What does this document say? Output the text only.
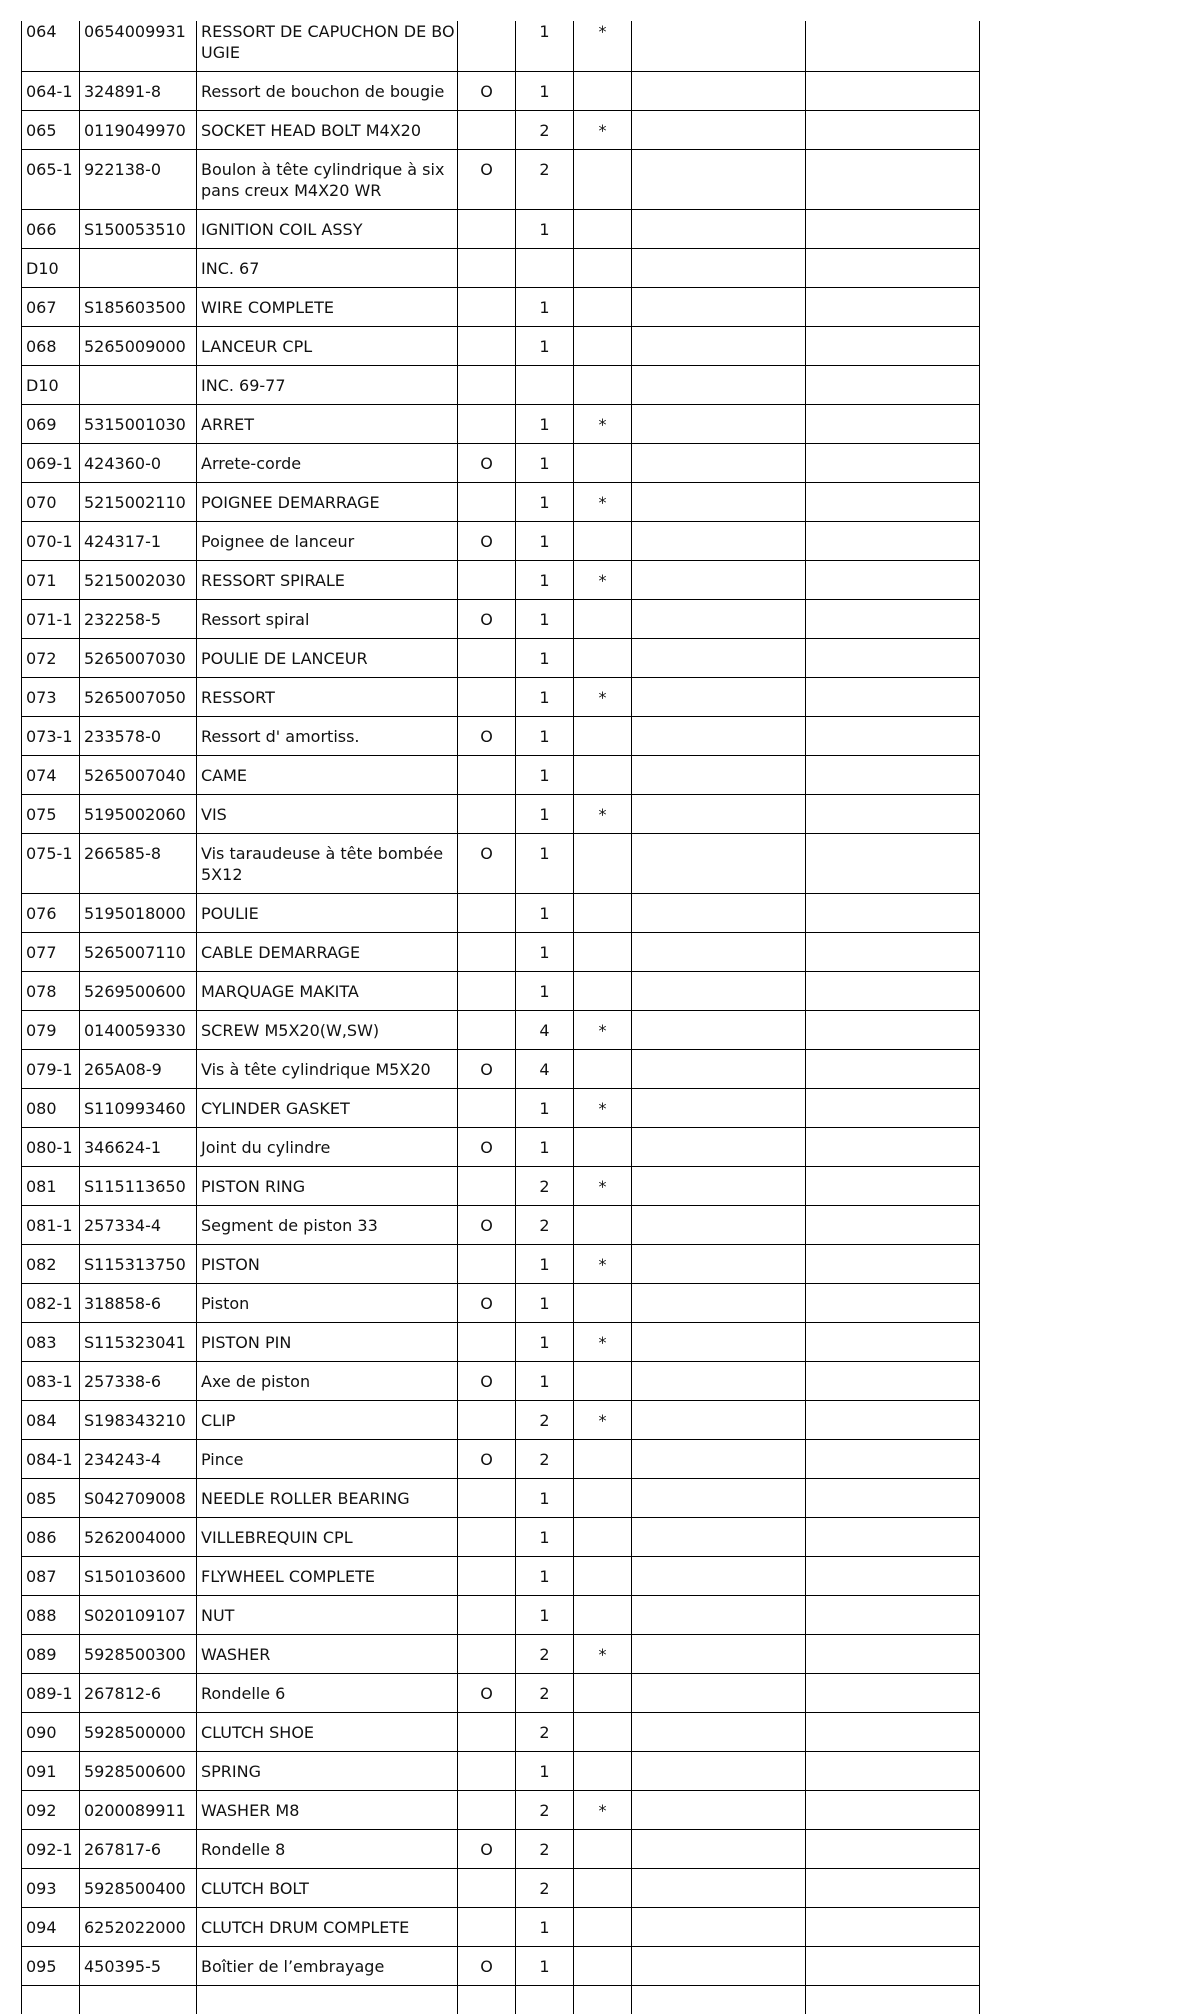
064	0654009931	RESSORT DE CAPUCHON DE BOUGIE		1	*		
064-1	324891-8	Ressort de bouchon de bougie	O	1			
065	0119049970	SOCKET HEAD BOLT M4X20		2	*		
065-1	922138-0	Boulon à tête cylindrique à six pans creux M4X20 WR	O	2			
066	S150053510	IGNITION COIL ASSY		1			
D10		INC. 67					
067	S185603500	WIRE COMPLETE		1			
068	5265009000	LANCEUR CPL		1			
D10		INC. 69-77					
069	5315001030	ARRET		1	*		
069-1	424360-0	Arrete-corde	O	1			
070	5215002110	POIGNEE DEMARRAGE		1	*		
070-1	424317-1	Poignee de lanceur	O	1			
071	5215002030	RESSORT SPIRALE		1	*		
071-1	232258-5	Ressort spiral	O	1			
072	5265007030	POULIE DE LANCEUR		1			
073	5265007050	RESSORT		1	*		
073-1	233578-0	Ressort d' amortiss.	O	1			
074	5265007040	CAME		1			
075	5195002060	VIS		1	*		
075-1	266585-8	Vis taraudeuse à tête bombée 5X12	O	1			
076	5195018000	POULIE		1			
077	5265007110	CABLE DEMARRAGE		1			
078	5269500600	MARQUAGE MAKITA		1			
079	0140059330	SCREW M5X20(W,SW)		4	*		
079-1	265A08-9	Vis à tête cylindrique M5X20	O	4			
080	S110993460	CYLINDER GASKET		1	*		
080-1	346624-1	Joint du cylindre	O	1			
081	S115113650	PISTON RING		2	*		
081-1	257334-4	Segment de piston 33	O	2			
082	S115313750	PISTON		1	*		
082-1	318858-6	Piston	O	1			
083	S115323041	PISTON PIN		1	*		
083-1	257338-6	Axe de piston	O	1			
084	S198343210	CLIP		2	*		
084-1	234243-4	Pince	O	2			
085	S042709008	NEEDLE ROLLER BEARING		1			
086	5262004000	VILLEBREQUIN CPL		1			
087	S150103600	FLYWHEEL COMPLETE		1			
088	S020109107	NUT		1			
089	5928500300	WASHER		2	*		
089-1	267812-6	Rondelle 6	O	2			
090	5928500000	CLUTCH SHOE		2			
091	5928500600	SPRING		1			
092	0200089911	WASHER M8		2	*		
092-1	267817-6	Rondelle 8	O	2			
093	5928500400	CLUTCH BOLT		2			
094	6252022000	CLUTCH DRUM COMPLETE		1			
095	450395-5	Boîtier de l’embrayage	O	1			
